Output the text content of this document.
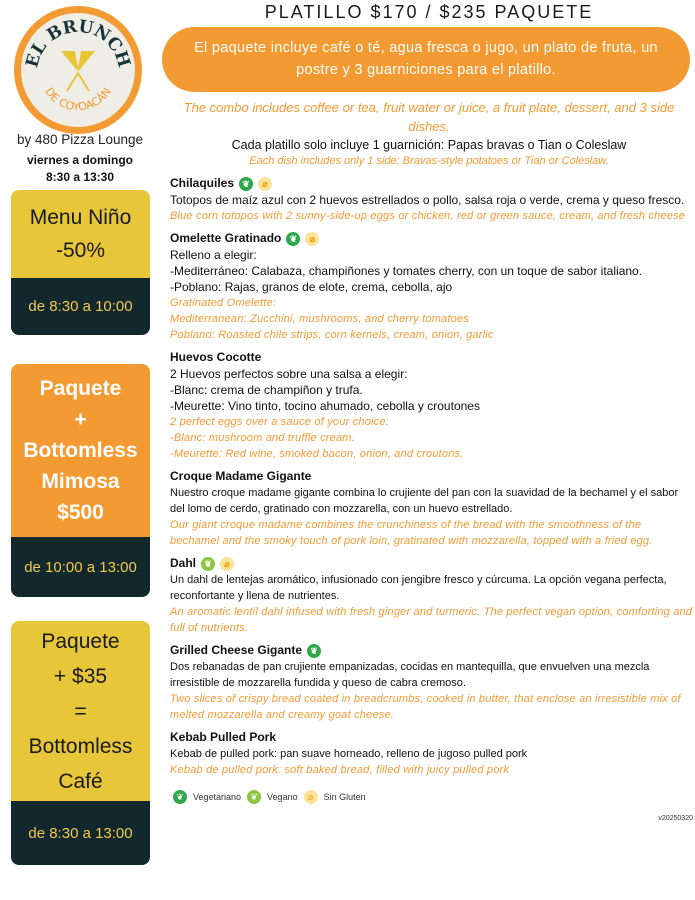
EL BRUNCH
DE COYOACÁN
by 480 Pizza Lounge
viernes a domingo
8:30 a 13:30
Menu Niño
-50%
de 8:30 a 10:00
Paquete
+
Bottomless
Mimosa
$500
de 10:00 a 13:00
Paquete
+ $35
=
Bottomless
Café
de 8:30 a 13:00
PLATILLO $170 / $235 PAQUETE
El paquete incluye café o té, agua fresca o jugo, un plato de fruta, un postre y 3 guarniciones para el platillo.
The combo includes coffee or tea, fruit water or juice, a fruit plate, dessert, and 3 side dishes.
Cada platillo solo incluye 1 guarnición: Papas bravas o Tian o Coleslaw
Each dish includes only 1 side: Bravas-style potatoes or Tian or Coleslaw.
Chilaquiles ❦	⌀
Totopos de maíz azul con 2 huevos estrellados o pollo, salsa roja o verde, crema y queso fresco.
Blue corn totopos with 2 sunny-side-up eggs or chicken, red or green sauce, cream, and fresh cheese
Omelette Gratinado ❦	⌀
Relleno a elegir:
-Mediterráneo: Calabaza, champiñones y tomates cherry, con un toque de sabor italiano.
-Poblano: Rajas, granos de elote, crema, cebolla, ajo
Gratinated Omelette:
Mediterranean: Zucchini, mushrooms, and cherry tomatoes
Poblano: Roasted chile strips, corn kernels, cream, onion, garlic
Huevos Cocotte
2 Huevos perfectos sobre una salsa a elegir:
-Blanc: crema de champiñon y trufa.
-Meurette: Vino tinto, tocino ahumado, cebolla y croutones
2 perfect eggs over a sauce of your choice:
-Blanc: mushroom and truffle cream.
-Meurette: Red wine, smoked bacon, onion, and croutons.
Croque Madame Gigante
Nuestro croque madame gigante combina lo crujiente del pan con la suavidad de la bechamel y el sabor del lomo de cerdo, gratinado con mozzarella, con un huevo estrellado.
Our giant croque madame combines the crunchiness of the bread with the smoothness of the bechamel and the smoky touch of pork loin, gratinated with mozzarella, topped with a fried egg.
Dahl ❦	⌀
Un dahl de lentejas aromático, infusionado con jengibre fresco y cúrcuma. La opción vegana perfecta, reconfortante y llena de nutrientes.
An aromatic lentil dahl infused with fresh ginger and turmeric. The perfect vegan option, comforting and full of nutrients.
Grilled Cheese Gigante ❦
Dos rebanadas de pan crujiente empanizadas, cocidas en mantequilla, que envuelven una mezcla irresistible de mozzarella fundida y queso de cabra cremoso.
Two slices of crispy bread coated in breadcrumbs, cooked in butter, that enclose an irresistible mix of melted mozzarella and creamy goat cheese.
Kebab Pulled Pork
Kebab de pulled pork: pan suave horneado, relleno de jugoso pulled pork
Kebab de pulled pork: soft baked bread, filled with juicy pulled pork
❦	Vegetariano	❦	Vegano	⌀	Sin Gluten
v20250320
